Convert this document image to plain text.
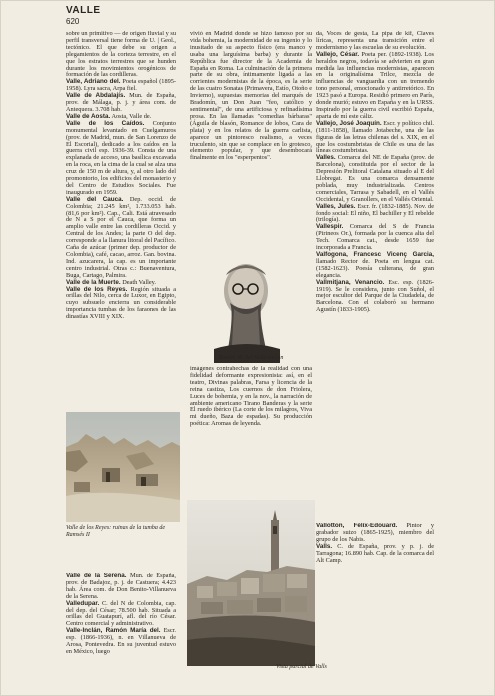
VALLE
620

sobre un primitivo — de origen fluvial y su perfil transversal tiene forma de U. | Geol., tectónico. El que debe su origen a plegamientos de la corteza terrestre, en el que los estratos terrestres que se hunden durante los movimientos orogénicos de formación de las cordilleras.

Valle, Adriano del. Poeta español (1895-1958). Lyra sacra, Arpa fiel.

Valle de Abdalajís. Mun. de España, prov. de Málaga, p. j. y área com. de Antequera. 3.708 hab.

Valle de Aosta. Aosta, Valle de.

Valle de los Caídos. Conjunto monumental levantado en Cuelgamuros (prov. de Madrid, mun. de San Lorenzo de El Escorial), dedicado a los caídos en la guerra civil esp. 1936-39. Consta de una explanada de acceso, una basílica excavada en la roca, en la cima de la cual se alza una cruz de 150 m de altura, y, al otro lado del promontorio, los edificios del monasterio y del Centro de Estudios Sociales. Fue inaugurado en 1959.

Valle del Cauca. Dep. occid. de Colombia; 21.245 km², 1.733.053 hab. (81,6 por km²). Cap., Cali. Está atravesado de N a S por el Cauca, que forma un amplio valle entre las cordilleras Occid. y Central de los Andes; la parte O del dep. corresponde a la llanura litoral del Pacífico. Caña de azúcar (primer dep. productor de Colombia), café, cacao, arroz. Gan. bovina. Ind. azucarera, la cap. es un importante centro industrial. Otras c.: Buenaventura, Buga, Cartago, Palmira.

Valle de la Muerte. Death Valley.

Valle de los Reyes. Región situada a orillas del Nilo, cerca de Luxor, en Egipto, cuyo subsuelo encierra un considerable importancia tumbas de los faraones de las dinastías XVIII y XIX.

Valle de los Reyes: ruinas de la tumba de Ramsés II

Valle de la Serena. Mun. de España, prov. de Badajoz, p. j. de Castuera; 4.423 hab. Área com. de Don Benito-Villanueva de la Serena.

Valledupar. C. del N de Colombia, cap. del dep. del César; 78.500 hab. Situada a orillas del Guatapurí, afl. del río César. Centro comercial y administrativo.

Valle-Inclán, Ramón María del. Escr. esp. (1866-1936), n. en Villanueva de Arosa, Pontevedra. En su juventud estuvo en México, luego

vivió en Madrid donde se hizo famoso por su vida bohemia, la modernidad de su ingenio y lo inusitado de su aspecto físico (era manco y usaba una larguísima barba) y durante la República fue director de la Academia de España en Roma. La culminación de la primera parte de su obra, íntimamente ligada a las corrientes modernistas de la época, es la serie de las cuatro Sonatas (Primavera, Estío, Otoño e Invierno), supuestas memorias del marqués de Bradomín, un Don Juan "feo, católico y sentimental", de una artificiosa y refinadísima prosa. En las llamadas "comedias bárbaras" (Águila de blasón, Romance de lobos, Cara de plata) y en los relatos de la guerra carlista, aparece un pintoresco realismo, a veces truculento, sin que se complace en lo grotesco, elemento popular, y que desembocará finalmente en los "esperpentos".

Ramón M. del Valle-Inclán

imágenes contrahechas de la realidad con una fidelidad deformante expresionista: así, en el teatro, Divinas palabras, Farsa y licencia de la reina castiza, Los cuernos de don Friolera, Luces de bohemia, y en la nov., la narración de ambiente americano Tirano Banderas y la serie El ruedo ibérico (La corte de los milagros, Viva mi dueño, Baza de espadas). Su producción poética: Aromas de leyenda.

Vista parcial de Valls

da, Voces de gesta, La pipa de kif, Claves líricas, representa una transición entre el modernismo y las escuelas de su evolución.

Vallejo, César. Poeta per. (1892-1938). Los heraldos negros, todavía se advierten en gran medida las influencias modernistas, aparecen en la originalísima Trilce, mezcla de influencias de vanguardia con un tremendo tono personal, emocionado y antirretórico. En 1923 pasó a Europa. Residió primero en París, donde murió; estuvo en España y en la URSS. Inspirado por la guerra civil escribió España, aparta de mí este cáliz.

Vallejo, José Joaquín. Escr. y político chil. (1811-1858), llamado Jotabeche, una de las figuras de las letras chilenas del s. XIX, en el que los costumbristas de Chile es una de las líneas costumbristas.

Valles. Comarca del NE de España (prov. de Barcelona), constituida por el sector de la Depresión Prelitoral Catalana situado al E del Llobregat. Es una comarca densamente poblada, muy industrializada. Centros comerciales, Tarrasa y Sabadell, en el Vallés Occidental, y Granollers, en el Vallés Oriental.

Valles, Jules. Escr. fr. (1832-1885). Nov. de fondo social: El niño, El bachiller y El rebelde (trilogía).

Vallespir. Comarca del S de Francia (Pirineos Or.), formada por la cuenca alta del Tech. Comarca cat., desde 1659 fue incorporada a Francia.

Valfogona, Francesc Vicenç Garcia, llamado Rector de. Poeta en lengua cat. (1582-1623). Poesía culterana, de gran elegancia.

Vallmitjana, Venancio. Esc. esp. (1826-1919). Se le considera, junto con Suñol, el mejor escultor del Parque de la Ciudadela, de Barcelona. Con el colaboró su hermano Agustín (1833-1905).

Vallotton, Félix-Edouard. Pintor y grabador suizo (1865-1925), miembro del grupo de los Nabis.

Valls. C. de España, prov. y p. j. de Tarragona; 16.890 hab. Cap. de la comarca del Alt Camp.
